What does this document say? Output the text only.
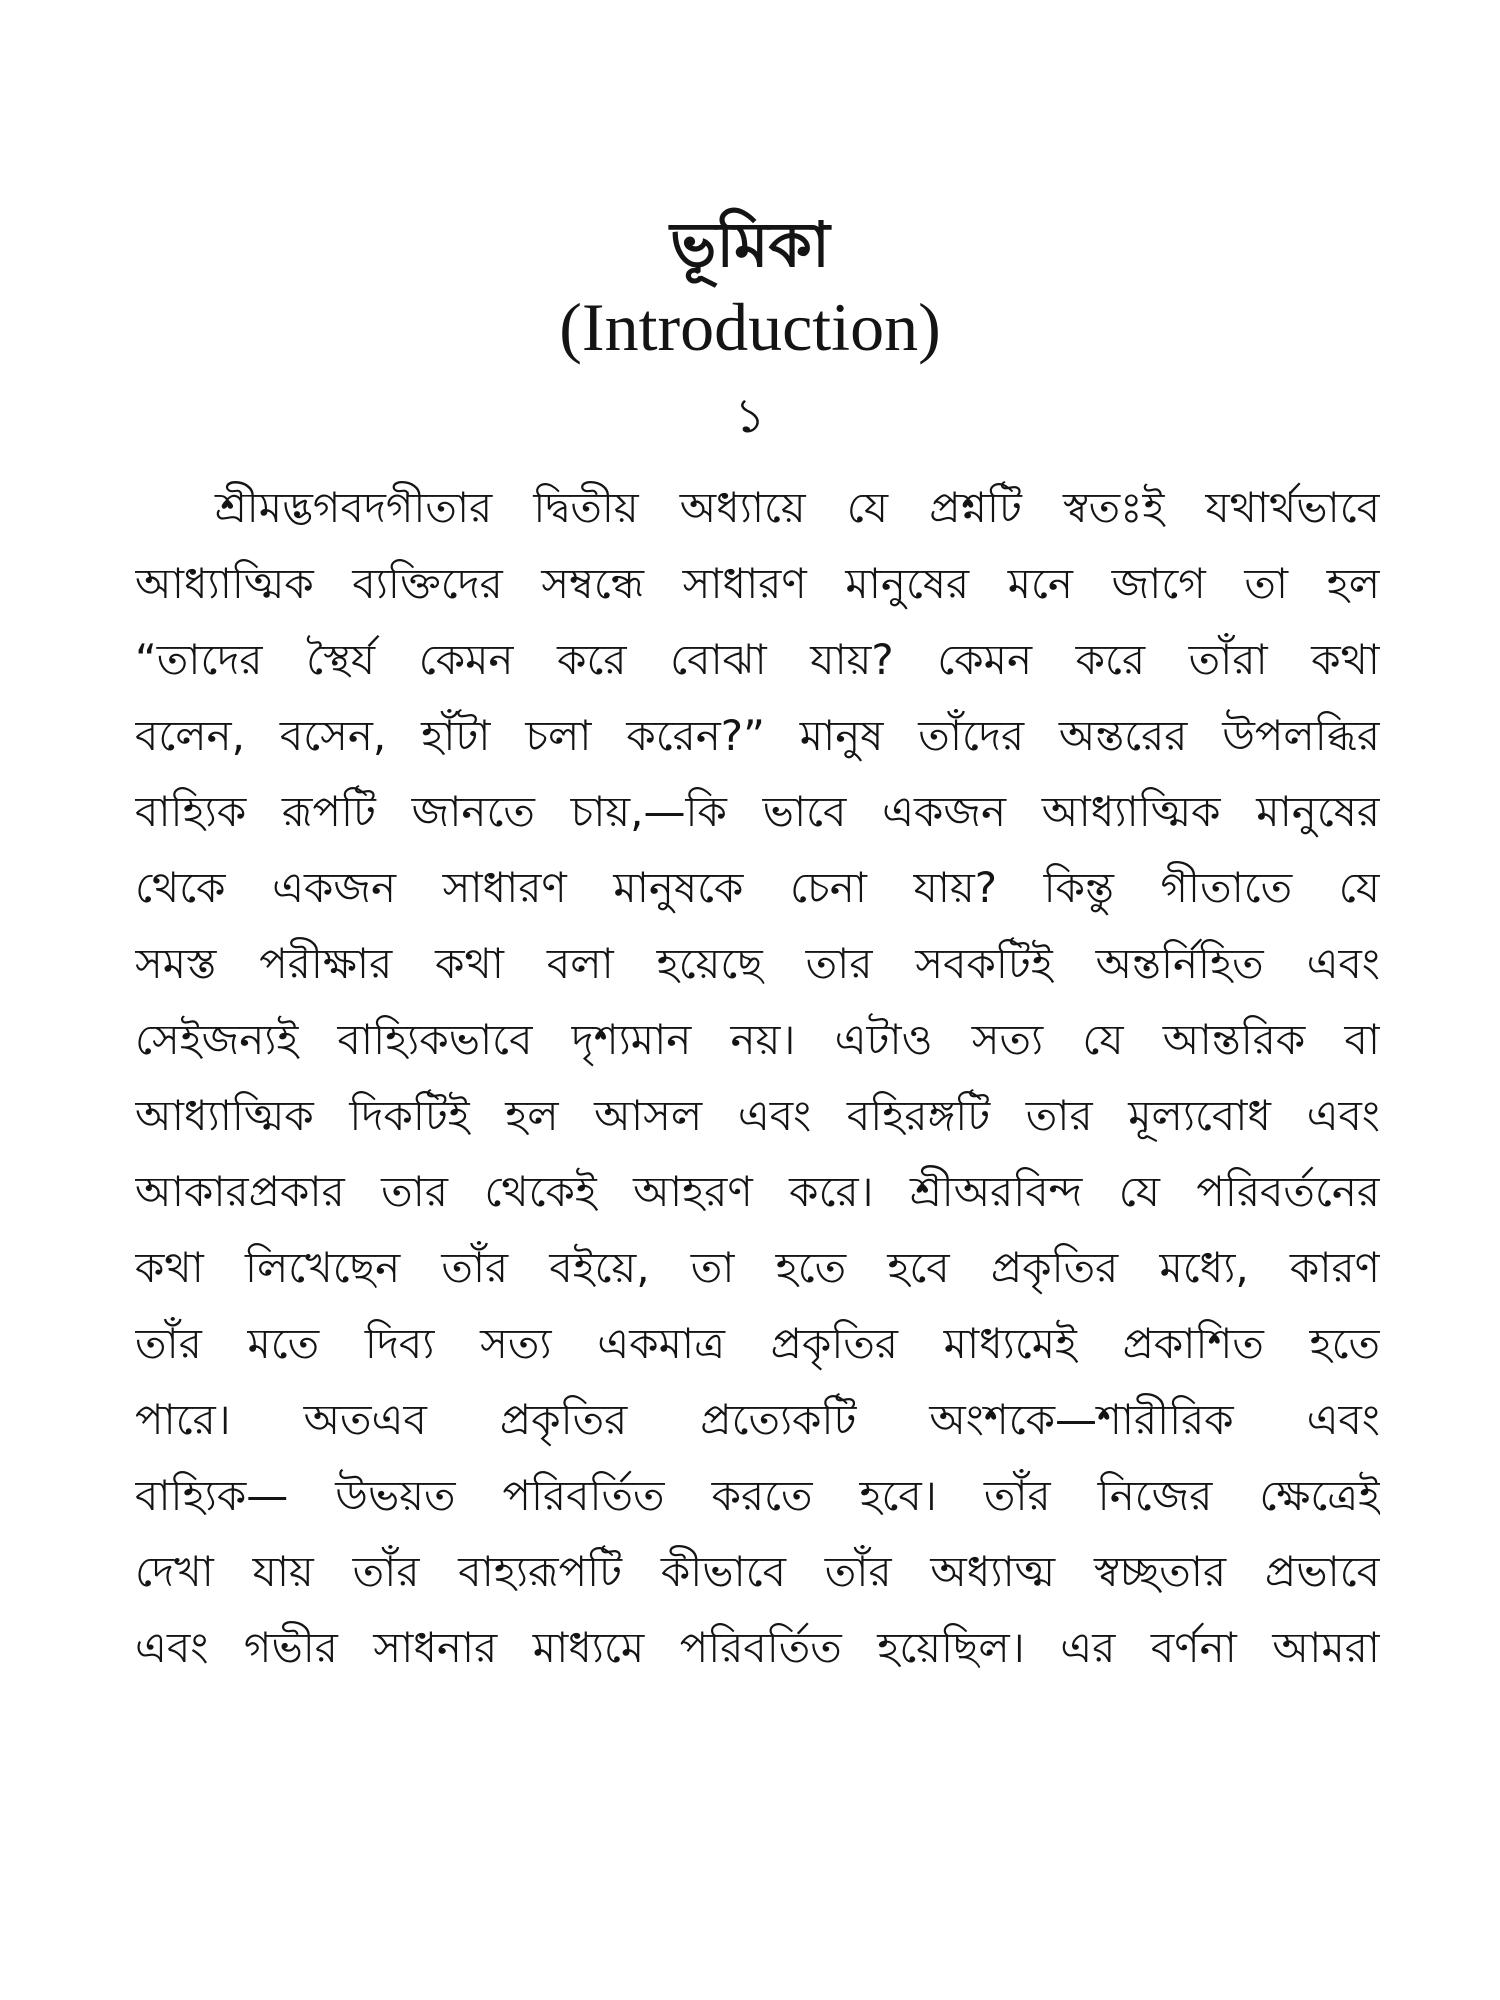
ভূমিকা
(Introduction)
১
শ্রীমদ্ভগবদগীতার দ্বিতীয় অধ্যায়ে যে প্রশ্নটি স্বতঃই যথার্থভাবে
আধ্যাত্মিক ব্যক্তিদের সম্বন্ধে সাধারণ মানুষের মনে জাগে তা হল
“তাদের স্থৈর্য কেমন করে বোঝা যায়? কেমন করে তাঁরা কথা
বলেন, বসেন, হাঁটা চলা করেন?” মানুষ তাঁদের অন্তরের উপলব্ধির
বাহ্যিক রূপটি জানতে চায়,—কি ভাবে একজন আধ্যাত্মিক মানুষের
থেকে একজন সাধারণ মানুষকে চেনা যায়? কিন্তু গীতাতে যে
সমস্ত পরীক্ষার কথা বলা হয়েছে তার সবকটিই অন্তর্নিহিত এবং
সেইজন্যই বাহ্যিকভাবে দৃশ্যমান নয়। এটাও সত্য যে আন্তরিক বা
আধ্যাত্মিক দিকটিই হল আসল এবং বহিরঙ্গটি তার মূল্যবোধ এবং
আকারপ্রকার তার থেকেই আহরণ করে। শ্রীঅরবিন্দ যে পরিবর্তনের
কথা লিখেছেন তাঁর বইয়ে, তা হতে হবে প্রকৃতির মধ্যে, কারণ
তাঁর মতে দিব্য সত্য একমাত্র প্রকৃতির মাধ্যমেই প্রকাশিত হতে
পারে। অতএব প্রকৃতির প্রত্যেকটি অংশকে—শারীরিক এবং
বাহ্যিক— উভয়ত পরিবর্তিত করতে হবে। তাঁর নিজের ক্ষেত্রেই
দেখা যায় তাঁর বাহ্যরূপটি কীভাবে তাঁর অধ্যাত্ম স্বচ্ছতার প্রভাবে
এবং গভীর সাধনার মাধ্যমে পরিবর্তিত হয়েছিল। এর বর্ণনা আমরা
